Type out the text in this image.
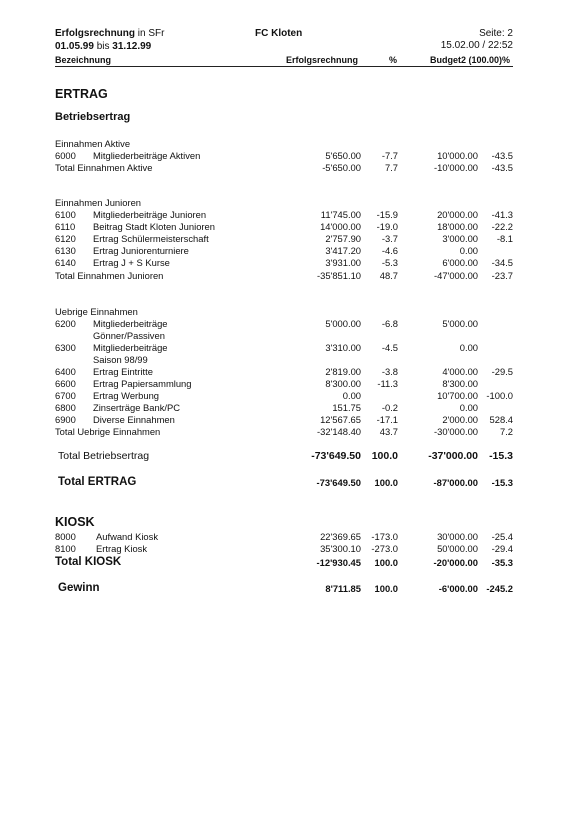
Erfolgsrechnung in SFr
01.05.99 bis 31.12.99
FC Kloten	Seite: 2
15.02.00 / 22:52
Bezeichnung	Erfolgsrechnung	%	Budget2 (100.00)%
ERTRAG
Betriebsertrag
Einnahmen Aktive
6000 Mitgliederbeiträge Aktiven	5'650.00 -7.7	10'000.00 -43.5
Total Einnahmen Aktive	-5'650.00	7.7	-10'000.00 -43.5
Einnahmen Junioren
6100 Mitgliederbeiträge Junioren	11'745.00 -15.9	20'000.00 -41.3
6110 Beitrag Stadt Kloten Junioren	14'000.00 -19.0	18'000.00 -22.2
6120 Ertrag Schülermeisterschaft	2'757.90 -3.7	3'000.00 -8.1
6130 Ertrag Juniorenturniere	3'417.20 -4.6	0.00
6140 Ertrag J + S Kurse	3'931.00 -5.3	6'000.00 -34.5
Total Einnahmen Junioren	-35'851.10 48.7	-47'000.00 -23.7
Uebrige Einnahmen
6200 Mitgliederbeiträge	5'000.00 -6.8	5'000.00
Gönner/Passiven
6300 Mitgliederbeiträge	3'310.00 -4.5	0.00
Saison 98/99
6400 Ertrag Eintritte	2'819.00 -3.8	4'000.00 -29.5
6600 Ertrag Papiersammlung	8'300.00 -11.3	8'300.00
6700 Ertrag Werbung	0.00	10'700.00 -100.0
6800 Zinserträge Bank/PC	151.75 -0.2	0.00
6900 Diverse Einnahmen	12'567.65 -17.1	2'000.00 528.4
Total Uebrige Einnahmen	-32'148.40 43.7	-30'000.00 7.2
Total Betriebsertrag	-73'649.50 100.0	-37'000.00 -15.3
Total ERTRAG	-73'649.50 100.0	-87'000.00 -15.3
KIOSK
8000 Aufwand Kiosk	22'369.65 -173.0	30'000.00 -25.4
8100 Ertrag Kiosk	35'300.10 -273.0	50'000.00 -29.4
Total KIOSK	-12'930.45 100.0	-20'000.00 -35.3
Gewinn	8'711.85 100.0	-6'000.00 -245.2
